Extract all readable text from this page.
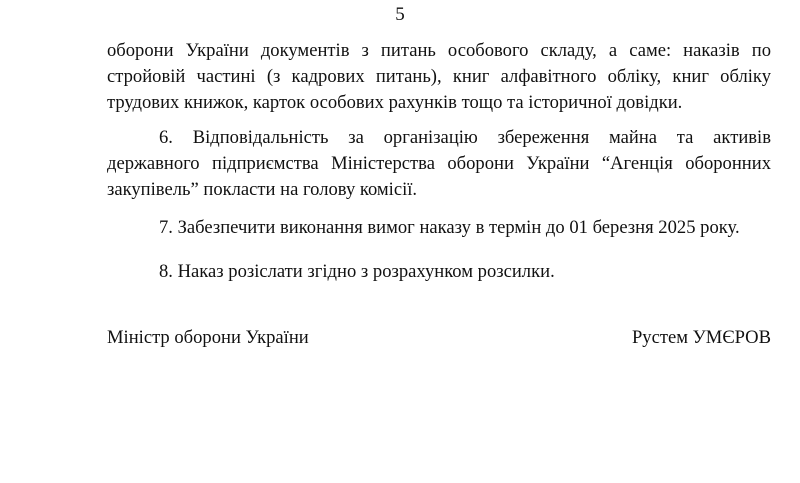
5
оборони України документів з питань особового складу, а саме: наказів по
стройовій частині (з кадрових питань), книг алфавітного обліку, книг обліку
трудових книжок, карток особових рахунків тощо та історичної довідки.
6. Відповідальність за організацію збереження майна та активів
державного підприємства Міністерства оборони України “Агенція оборонних
закупівель” покласти на голову комісії.
7. Забезпечити виконання вимог наказу в термін до 01 березня 2025 року.
8. Наказ розіслати згідно з розрахунком розсилки.
Міністр оборони України	Рустем УМЄРОВ
